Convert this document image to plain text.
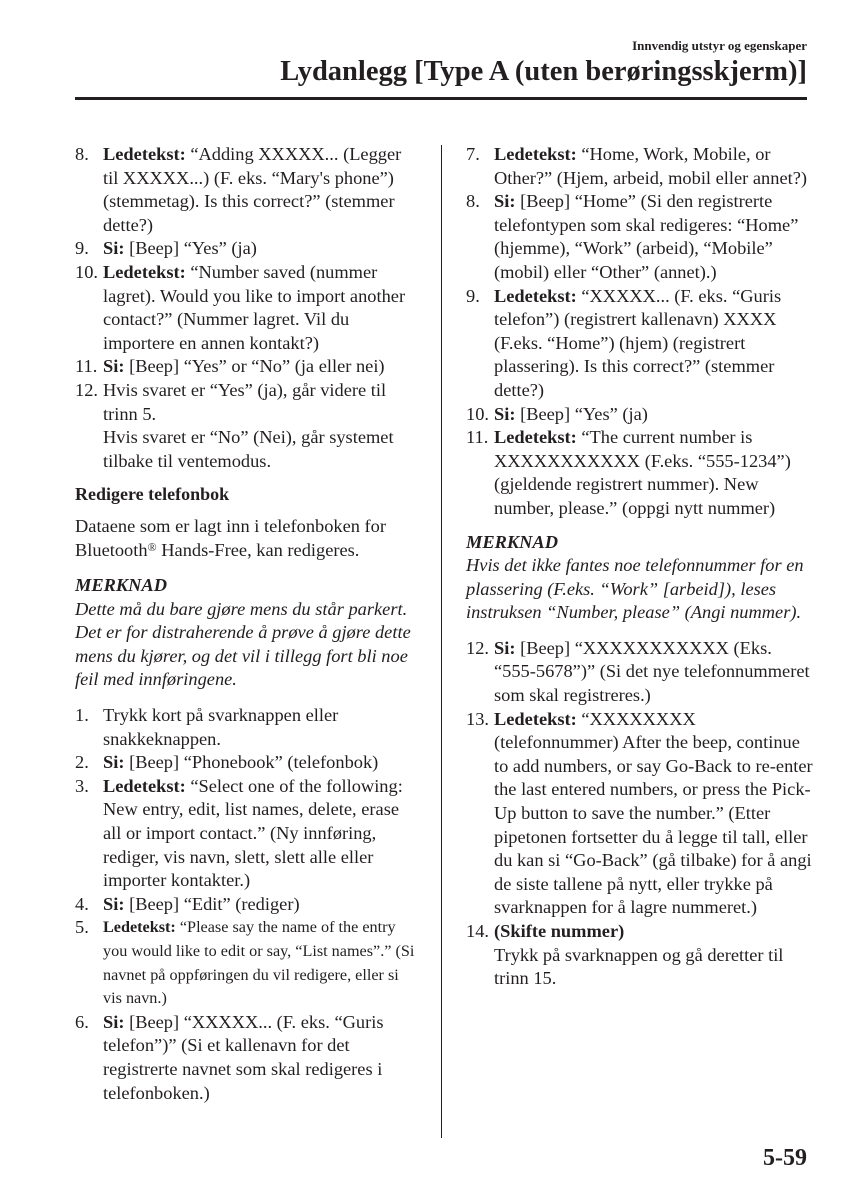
Innvendig utstyr og egenskaper
Lydanlegg [Type A (uten berøringsskjerm)]
8. Ledetekst: “Adding XXXXX... (Legger til XXXXX...) (F. eks. “Mary's phone”) (stemmetag). Is this correct?” (stemmer dette?)
9. Si: [Beep] “Yes” (ja)
10. Ledetekst: “Number saved (nummer lagret). Would you like to import another contact?” (Nummer lagret. Vil du importere en annen kontakt?)
11. Si: [Beep] “Yes” or “No” (ja eller nei)
12. Hvis svaret er “Yes” (ja), går videre til trinn 5.
Hvis svaret er “No” (Nei), går systemet tilbake til ventemodus.
Redigere telefonbok

Dataene som er lagt inn i telefonboken for Bluetooth® Hands-Free, kan redigeres.

MERKNAD
Dette må du bare gjøre mens du står parkert. Det er for distraherende å prøve å gjøre dette mens du kjører, og det vil i tillegg fort bli noe feil med innføringene.
1. Trykk kort på svarknappen eller snakkeknappen.
2. Si: [Beep] “Phonebook” (telefonbok)
3. Ledetekst: “Select one of the following: New entry, edit, list names, delete, erase all or import contact.” (Ny innføring, rediger, vis navn, slett, slett alle eller importer kontakter.)
4. Si: [Beep] “Edit” (rediger)
5. Ledetekst: “Please say the name of the entry you would like to edit or say, “List names”.” (Si navnet på oppføringen du vil redigere, eller si vis navn.)
6. Si: [Beep] “XXXXX... (F. eks. “Guris telefon”)” (Si et kallenavn for det registrerte navnet som skal redigeres i telefonboken.)
7. Ledetekst: “Home, Work, Mobile, or Other?” (Hjem, arbeid, mobil eller annet?)
8. Si: [Beep] “Home” (Si den registrerte telefontypen som skal redigeres: “Home” (hjemme), “Work” (arbeid), “Mobile” (mobil) eller “Other” (annet).)
9. Ledetekst: “XXXXX... (F. eks. “Guris telefon”) (registrert kallenavn) XXXX (F.eks. “Home”) (hjem) (registrert plassering). Is this correct?” (stemmer dette?)
10. Si: [Beep] “Yes” (ja)
11. Ledetekst: “The current number is XXXXXXXXXXX (F.eks. “555-1234”) (gjeldende registrert nummer). New number, please.” (oppgi nytt nummer)
MERKNAD
Hvis det ikke fantes noe telefonnummer for en plassering (F.eks. “Work” [arbeid]), leses instruksen “Number, please” (Angi nummer).
12. Si: [Beep] “XXXXXXXXXXX (Eks. “555-5678”)” (Si det nye telefonnummeret som skal registreres.)
13. Ledetekst: “XXXXXXXX (telefonnummer) After the beep, continue to add numbers, or say Go-Back to re-enter the last entered numbers, or press the Pick-Up button to save the number.” (Etter pipetonen fortsetter du å legge til tall, eller du kan si “Go-Back” (gå tilbake) for å angi de siste tallene på nytt, eller trykke på svarknappen for å lagre nummeret.)
14. (Skifte nummer)
Trykk på svarknappen og gå deretter til trinn 15.
5-59
